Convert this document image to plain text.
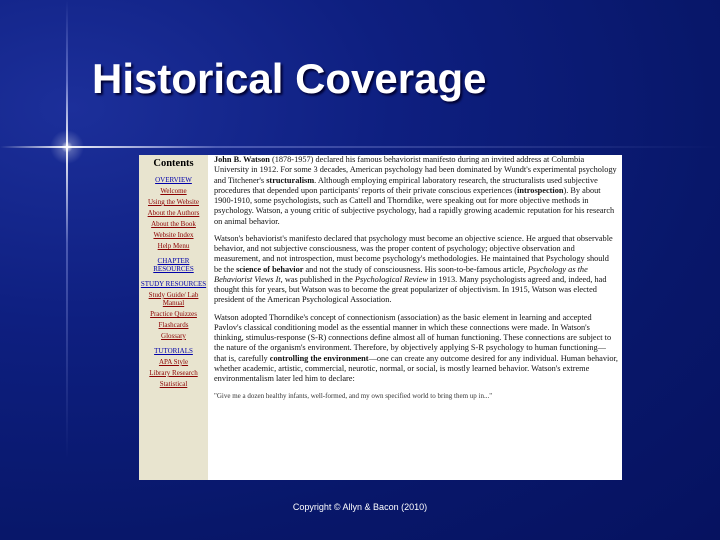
Historical Coverage
Contents
OVERVIEW
Welcome
Using the Website
About the Authors
About the Book
Website Index
Help Menu
CHAPTER RESOURCES
STUDY RESOURCES
Study Guide/ Lab Manual
Practice Quizzes
Flashcards
Glossary
TUTORIALS
APA Style
Library Research
Statistical

John B. Watson (1878-1957) declared his famous behaviorist manifesto during an invited address at Columbia University in 1912. For some 3 decades, American psychology had been dominated by Wundt's experimental psychology and Titchener's structuralism. Although employing empirical laboratory research, the structuralists used subjective procedures that depended upon participants' reports of their private conscious experiences (introspection). By about 1900-1910, some psychologists, such as Cattell and Thorndike, were speaking out for more objective methods in psychology. Watson, a young critic of subjective psychology, had a rapidly growing academic reputation for his research on animal behavior.

Watson's behaviorist's manifesto declared that psychology must become an objective science. He argued that observable behavior, and not subjective consciousness, was the proper content of psychology; objective observation and measurement, and not introspection, must become psychology's methodologies. He maintained that Psychology should be the science of behavior and not the study of consciousness. His soon-to-be-famous article, Psychology as the Behaviorist Views It, was published in the Psychological Review in 1913. Many psychologists agreed and, indeed, had thought this for years, but Watson was to become the great popularizer of objectivism. In 1915, Watson was elected president of the American Psychological Association.

Watson adopted Thorndike's concept of connectionism (association) as the basic element in learning and accepted Pavlov's classical conditioning model as the essential manner in which these connections were made. In Watson's thinking, stimulus-response (S-R) connections define almost all of human functioning. These connections are subject to the nature of the organism's environment. Therefore, by objectively applying S-R psychology to human functioning—that is, carefully controlling the environment—one can create any outcome desired for any individual. Human behavior, whether academic, artistic, commercial, neurotic, normal, or social, is mostly learned behavior. Watson's extreme environmentalism later led him to declare:

"Give me a dozen healthy infants, well-formed, and my own specified world to bring them up in..."
Copyright © Allyn & Bacon (2010)
